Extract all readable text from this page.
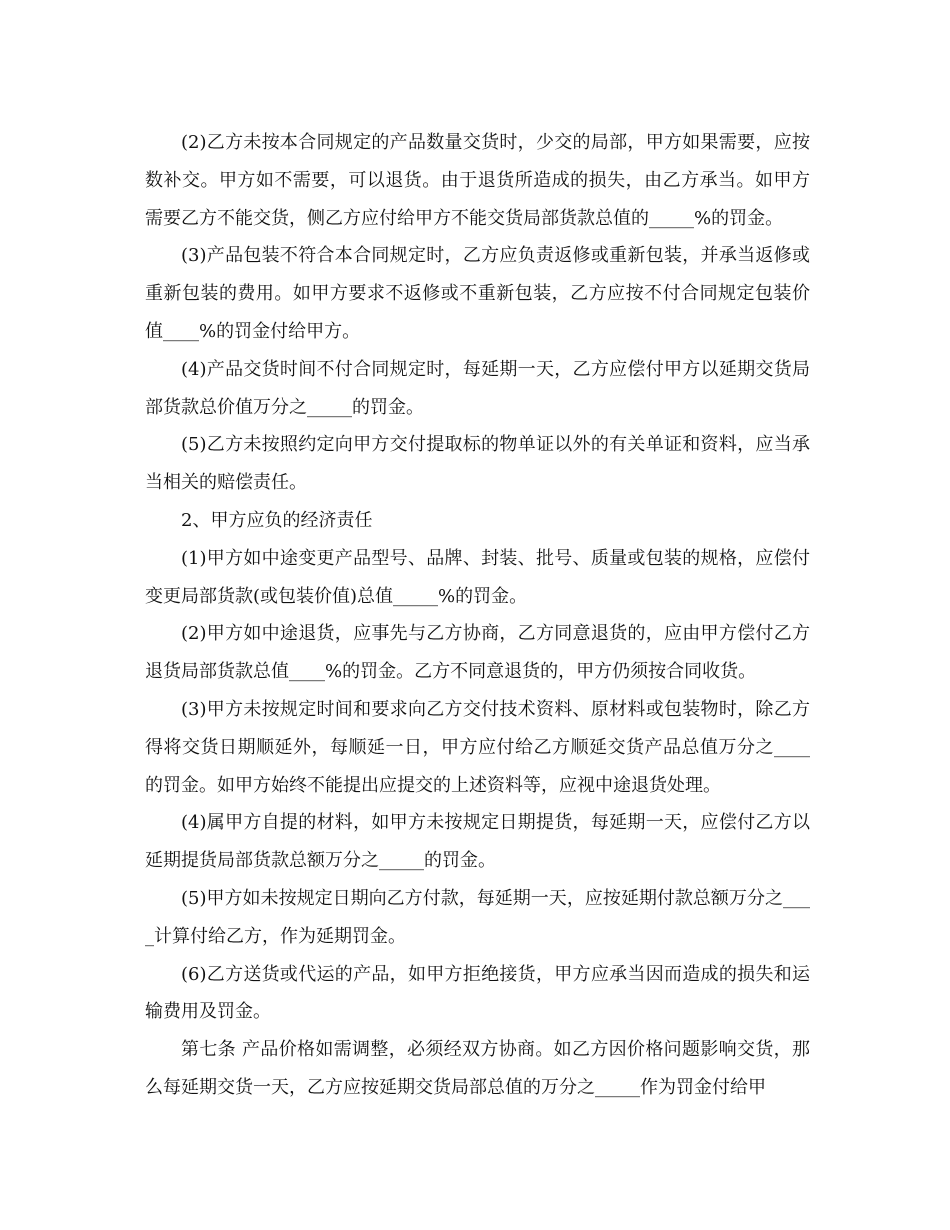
(2)乙方未按本合同规定的产品数量交货时，少交的局部，甲方如果需要，应按数补交。甲方如不需要，可以退货。由于退货所造成的损失，由乙方承当。如甲方需要乙方不能交货，侧乙方应付给甲方不能交货局部货款总值的_____%的罚金。

(3)产品包装不符合本合同规定时，乙方应负责返修或重新包装，并承当返修或重新包装的费用。如甲方要求不返修或不重新包装，乙方应按不付合同规定包装价值____%的罚金付给甲方。

(4)产品交货时间不付合同规定时，每延期一天，乙方应偿付甲方以延期交货局部货款总价值万分之_____的罚金。

(5)乙方未按照约定向甲方交付提取标的物单证以外的有关单证和资料，应当承当相关的赔偿责任。

2、甲方应负的经济责任

(1)甲方如中途变更产品型号、品牌、封装、批号、质量或包装的规格，应偿付变更局部货款(或包装价值)总值_____%的罚金。

(2)甲方如中途退货，应事先与乙方协商，乙方同意退货的，应由甲方偿付乙方退货局部货款总值____%的罚金。乙方不同意退货的，甲方仍须按合同收货。

(3)甲方未按规定时间和要求向乙方交付技术资料、原材料或包装物时，除乙方得将交货日期顺延外，每顺延一日，甲方应付给乙方顺延交货产品总值万分之____的罚金。如甲方始终不能提出应提交的上述资料等，应视中途退货处理。

(4)属甲方自提的材料，如甲方未按规定日期提货，每延期一天，应偿付乙方以延期提货局部货款总额万分之_____的罚金。

(5)甲方如未按规定日期向乙方付款，每延期一天，应按延期付款总额万分之____计算付给乙方，作为延期罚金。

(6)乙方送货或代运的产品，如甲方拒绝接货，甲方应承当因而造成的损失和运输费用及罚金。

第七条 产品价格如需调整，必须经双方协商。如乙方因价格问题影响交货，那么每延期交货一天，乙方应按延期交货局部总值的万分之_____作为罚金付给甲
